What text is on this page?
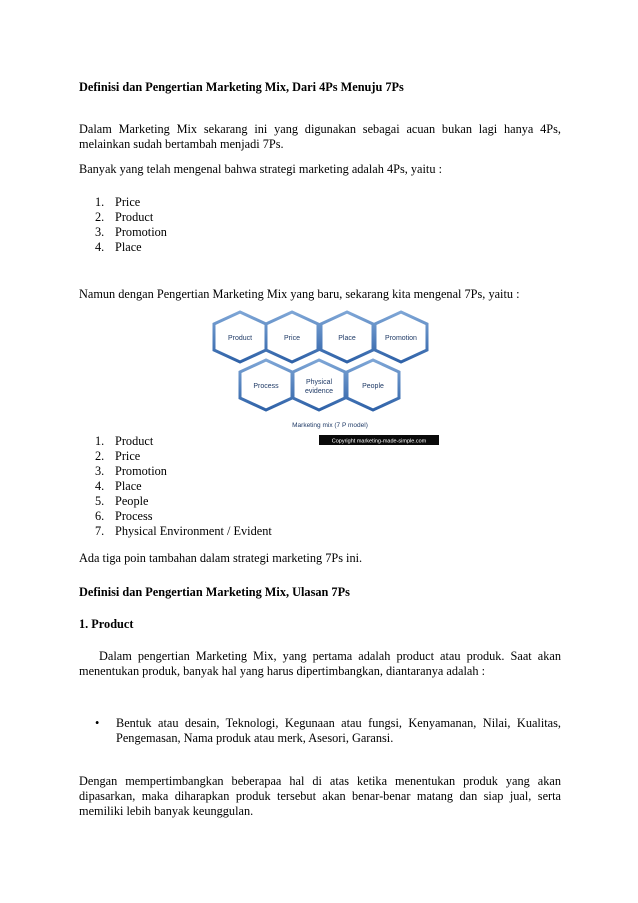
Definisi dan Pengertian Marketing Mix, Dari 4Ps Menuju 7Ps
Dalam Marketing Mix sekarang ini yang digunakan sebagai acuan bukan lagi hanya 4Ps, melainkan sudah bertambah menjadi 7Ps.
Banyak yang telah mengenal bahwa strategi marketing adalah 4Ps, yaitu :
1. Price
2. Product
3. Promotion
4. Place
Namun dengan Pengertian Marketing Mix yang baru, sekarang kita mengenal 7Ps, yaitu :
Product	Price	Place	Promotion
Process
Physical
evidence
People
Marketing mix (7 P model)
Copyright marketing-made-simple.com
1. Product
2. Price
3. Promotion
4. Place
5. People
6. Process
7. Physical Environment / Evident
Ada tiga poin tambahan dalam strategi marketing 7Ps ini.
Definisi dan Pengertian Marketing Mix, Ulasan 7Ps
1. Product
Dalam pengertian Marketing Mix, yang pertama adalah product atau produk. Saat akan menentukan produk, banyak hal yang harus dipertimbangkan, diantaranya adalah :
• Bentuk atau desain, Teknologi, Kegunaan atau fungsi, Kenyamanan, Nilai, Kualitas, Pengemasan, Nama produk atau merk, Asesori, Garansi.
Dengan mempertimbangkan beberapaa hal di atas ketika menentukan produk yang akan dipasarkan, maka diharapkan produk tersebut akan benar-benar matang dan siap jual, serta memiliki lebih banyak keunggulan.
